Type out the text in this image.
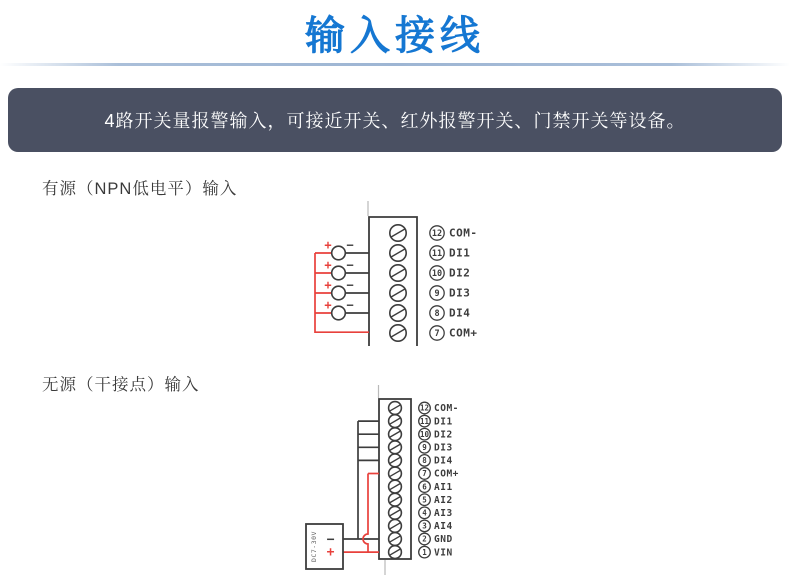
输入接线
4路开关量报警输入，可接近开关、红外报警开关、门禁开关等设备。
有源（NPN低电平）输入
12 COM-
11 DI1
10 DI2
9 DI3
8 DI4
7 COM+
+ −
+ −
+ −
+ −
无源（干接点）输入
12 COM-
11 DI1
10 DI2
9 DI3
8 DI4
7 COM+
6 AI1
5 AI2
4 AI3
3 AI4
2 GND
1 VIN
DC7-30V −
+
